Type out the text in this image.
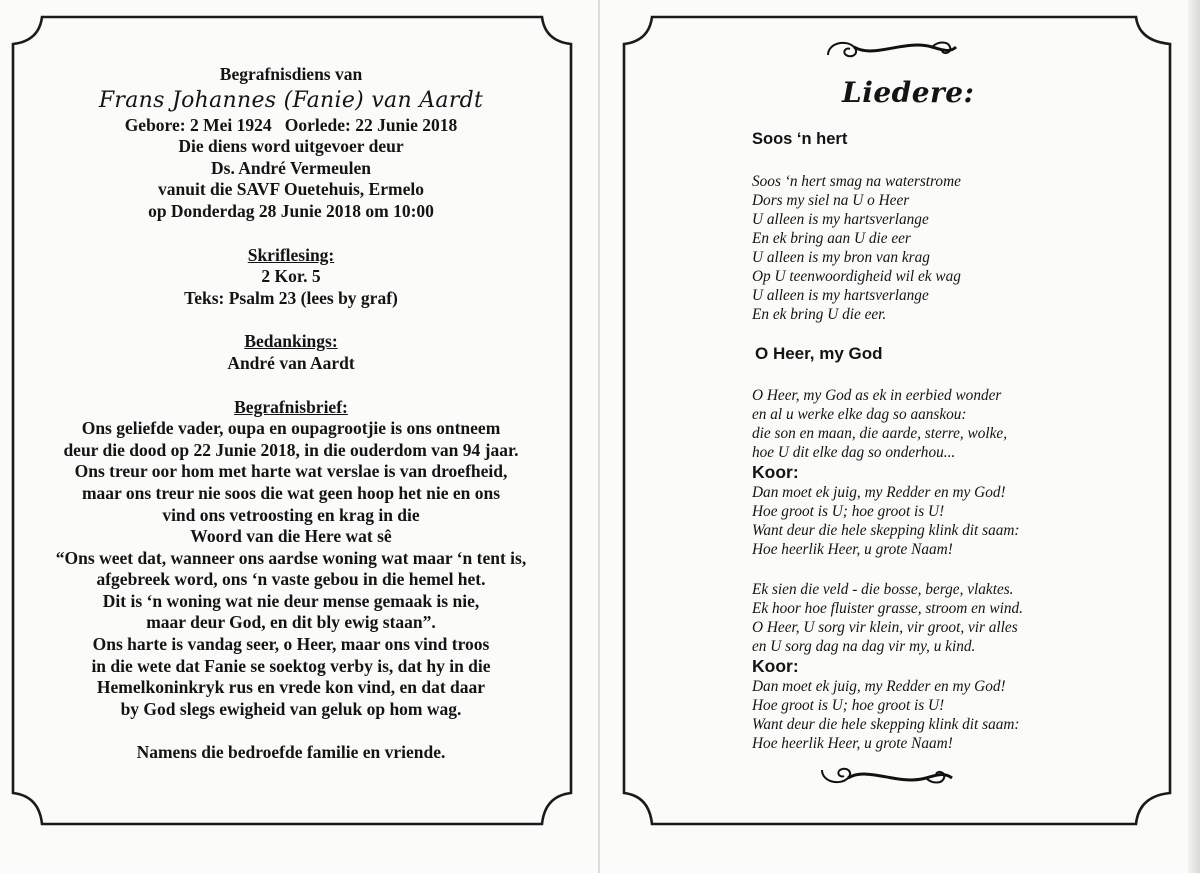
Begrafnisdiens van
Frans Johannes (Fanie) van Aardt
Gebore: 2 Mei 1924   Oorlede: 22 Junie 2018
Die diens word uitgevoer deur
Ds. André Vermeulen
vanuit die SAVF Ouetehuis, Ermelo
op Donderdag 28 Junie 2018 om 10:00
Skriflesing:
2 Kor. 5
Teks: Psalm 23 (lees by graf)
Bedankings:
André van Aardt
Begrafnisbrief:
Ons geliefde vader, oupa en oupagrootjie is ons ontneem
deur die dood op 22 Junie 2018, in die ouderdom van 94 jaar.
Ons treur oor hom met harte wat verslae is van droefheid,
maar ons treur nie soos die wat geen hoop het nie en ons
vind ons vetroosting en krag in die
Woord van die Here wat sê
“Ons weet dat, wanneer ons aardse woning wat maar ‘n tent is,
afgebreek word, ons ‘n vaste gebou in die hemel het.
Dit is ‘n woning wat nie deur mense gemaak is nie,
maar deur God, en dit bly ewig staan”.
Ons harte is vandag seer, o Heer, maar ons vind troos
in die wete dat Fanie se soektog verby is, dat hy in die
Hemelkoninkryk rus en vrede kon vind, en dat daar
by God slegs ewigheid van geluk op hom wag.
Namens die bedroefde familie en vriende.
Liedere:
Soos ‘n hert
Soos ‘n hert smag na waterstrome
Dors my siel na U o Heer
U alleen is my hartsverlange
En ek bring aan U die eer
U alleen is my bron van krag
Op U teenwoordigheid wil ek wag
U alleen is my hartsverlange
En ek bring U die eer.
O Heer, my God
O Heer, my God as ek in eerbied wonder
en al u werke elke dag so aanskou:
die son en maan, die aarde, sterre, wolke,
hoe U dit elke dag so onderhou...
Koor:
Dan moet ek juig, my Redder en my God!
Hoe groot is U; hoe groot is U!
Want deur die hele skepping klink dit saam:
Hoe heerlik Heer, u grote Naam!
Ek sien die veld - die bosse, berge, vlaktes.
Ek hoor hoe fluister grasse, stroom en wind.
O Heer, U sorg vir klein, vir groot, vir alles
en U sorg dag na dag vir my, u kind.
Koor:
Dan moet ek juig, my Redder en my God!
Hoe groot is U; hoe groot is U!
Want deur die hele skepping klink dit saam:
Hoe heerlik Heer, u grote Naam!
